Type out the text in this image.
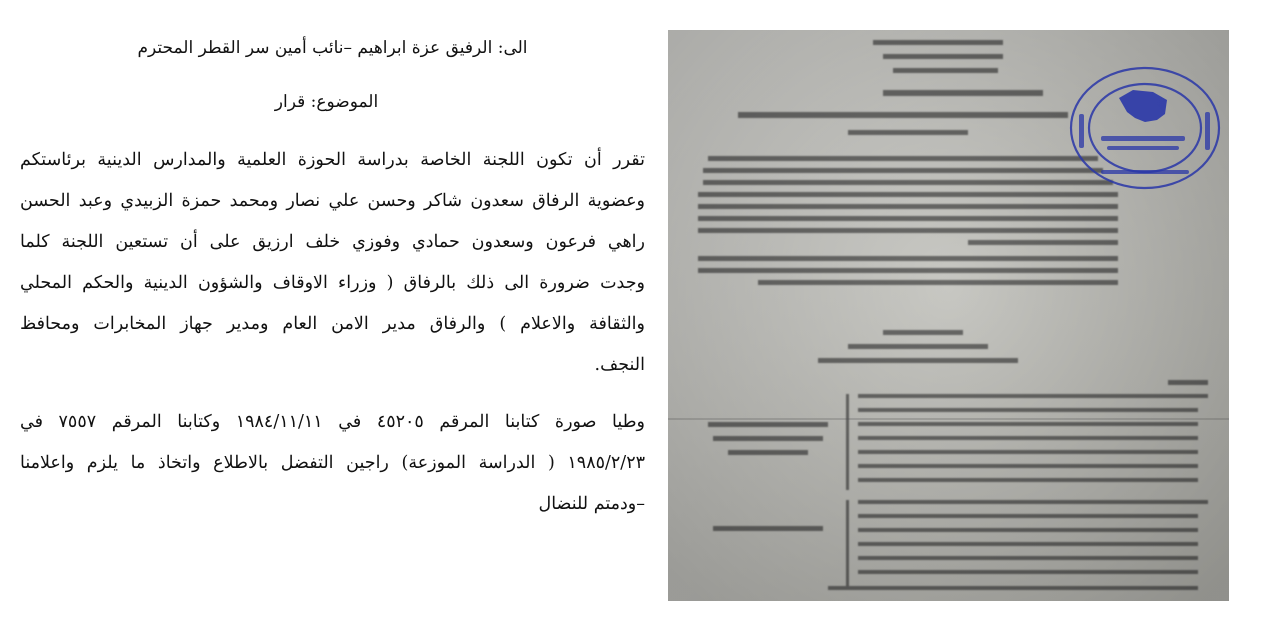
الى: الرفيق عزة ابراهيم –نائب أمين سر القطر المحترم
الموضوع: قرار

تقرر أن تكون اللجنة الخاصة بدراسة الحوزة العلمية والمدارس الدينية برئاستكم
وعضوية الرفاق سعدون شاكر وحسن علي نصار ومحمد حمزة الزبيدي وعبد الحسن
راهي فرعون وسعدون حمادي وفوزي خلف ارزيق على أن تستعين اللجنة كلما
وجدت ضرورة الى ذلك بالرفاق ( وزراء الاوقاف والشؤون الدينية والحكم المحلي
والثقافة والاعلام ) والرفاق مدير الامن العام ومدير جهاز المخابرات ومحافظ
النجف.

وطيا صورة كتابنا المرقم ٤٥٢٠٥ في ١٩٨٤/١١/١١ وكتابنا المرقم ٧٥٥٧ في
١٩٨٥/٢/٢٣ ( الدراسة الموزعة) راجين التفضل بالاطلاع واتخاذ ما يلزم واعلامنا
–ودمتم للنضال
